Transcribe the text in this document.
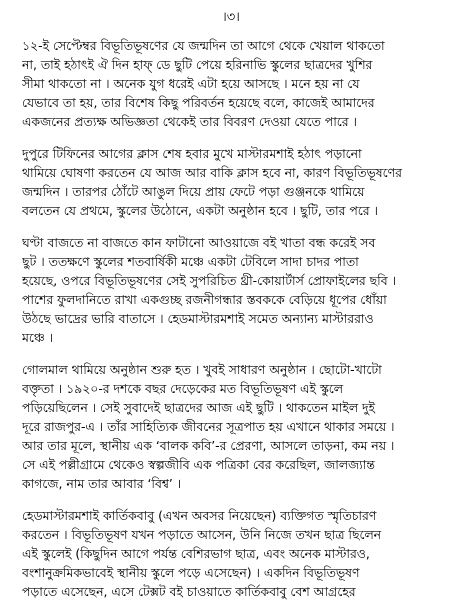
।৩।

১২-ই সেপ্টেম্বর বিভূতিভূষণের যে জন্মদিন তা আগে থেকে খেয়াল থাকতো
না, তাই হঠাৎই ঐ দিন হাফ্‌ ডে ছুটি পেয়ে হরিনাভি স্কুলের ছাত্রদের খুশির
সীমা থাকতো না । অনেক যুগ ধরেই এটা হয়ে আসছে । মনে হয় না যে
যেভাবে তা হয়, তার বিশেষ কিছু পরিবর্তন হয়েছে বলে, কাজেই আমাদের
একজনের প্রত্যক্ষ অভিজ্ঞতা থেকেই তার বিবরণ দেওয়া যেতে পারে ।

দুপুরে টিফিনের আগের ক্লাস শেষ হবার মুখে মাস্টারমশাই হঠাৎ পড়ানো
থামিয়ে ঘোষণা করতেন যে আজ আর বাকি ক্লাস হবে না, কারণ বিভূতিভূষণের
জন্মদিন । তারপর ঠোঁটে আঙুল দিয়ে প্রায় ফেটে পড়া গুঞ্জনকে থামিয়ে
বলতেন যে প্রথমে, স্কুলের উঠোনে, একটা অনুষ্ঠান হবে । ছুটি, তার পরে ।

ঘণ্টা বাজতে না বাজতে কান ফাটানো আওয়াজে বই খাতা বন্ধ করেই সব
ছুট । ততক্ষণে স্কুলের শতবার্ষিকী মঞ্চে একটা টেবিলে সাদা চাদর পাতা
হয়েছে, ওপরে বিভূতিভূষণের সেই সুপরিচিত থ্রী-কোয়ার্টার্স প্রোফাইলের ছবি ।
পাশের ফুলদানিতে রাখা একগুচ্ছ রজনীগন্ধার স্তবককে বেড়িয়ে ধূপের ধোঁয়া
উঠছে ভাদ্রের ভারি বাতাসে । হেডমাস্টারমশাই সমেত অন্যান্য মাস্টাররাও
মঞ্চে ।

গোলমাল থামিয়ে অনুষ্ঠান শুরু হত । খুবই সাধারণ অনুষ্ঠান । ছোটো-খাটো
বক্তৃতা । ১৯২০-র দশকে বছর দেড়েকের মত বিভূতিভূষণ এই স্কুলে
পড়িয়েছিলেন । সেই সুবাদেই ছাত্রদের আজ এই ছুটি । থাকতেন মাইল দুই
দূরে রাজপুর-এ । তাঁর সাহিত্যিক জীবনের সূত্রপাত হয় এখানে থাকার সময়ে ।
আর তার মূলে, স্থানীয় এক ‘বালক কবি’-র প্রেরণা, আসলে তাড়না, কম নয় ।
সে এই পল্লীগ্রামে থেকেও স্বল্পজীবি এক পত্রিকা বের করেছিল, জালজ্যান্ত
কাগজে, নাম তার আবার ‘বিশ্ব’ ।

হেডমাস্টারমশাই কার্তিকবাবু (এখন অবসর নিয়েছেন) ব্যক্তিগত স্মৃতিচারণ
করতেন । বিভূতিভূষণ যখন পড়াতে আসেন, উনি নিজে তখন ছাত্র ছিলেন
এই স্কুলেই (কিছুদিন আগে পর্যন্ত বেশিরভাগ ছাত্র, এবং অনেক মাস্টারও,
বংশানুক্রমিকভাবেই স্থানীয় স্কুলে পড়ে এসেছেন) । একদিন বিভূতিভূষণ
পড়াতে এসেছেন, এসে টেক্সট বই চাওয়াতে কার্তিকবাবু বেশ আগ্রহের
